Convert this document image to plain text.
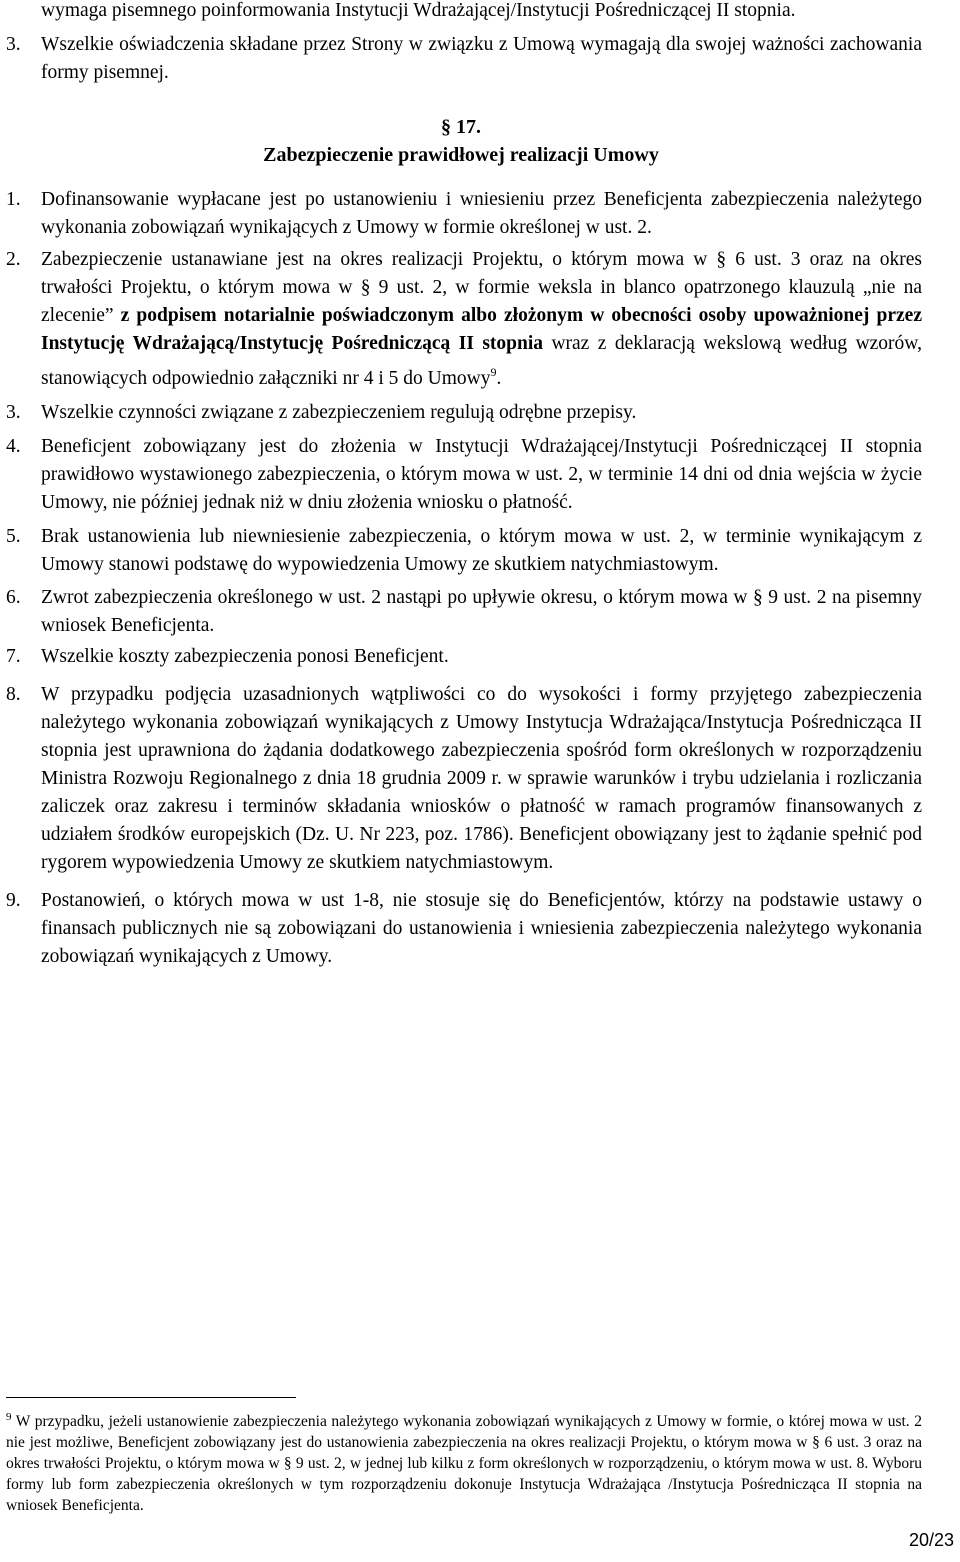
wymaga pisemnego poinformowania Instytucji Wdrażającej/Instytucji Pośredniczącej II stopnia.

3. Wszelkie oświadczenia składane przez Strony w związku z Umową wymagają dla swojej ważności zachowania formy pisemnej.
§ 17.
Zabezpieczenie prawidłowej realizacji Umowy
1. Dofinansowanie wypłacane jest po ustanowieniu i wniesieniu przez Beneficjenta zabezpieczenia należytego wykonania zobowiązań wynikających z Umowy w formie określonej w ust. 2.
2. Zabezpieczenie ustanawiane jest na okres realizacji Projektu, o którym mowa w § 6 ust. 3 oraz na okres trwałości Projektu, o którym mowa w § 9 ust. 2, w formie weksla in blanco opatrzonego klauzulą „nie na zlecenie” z podpisem notarialnie poświadczonym albo złożonym w obecności osoby upoważnionej przez Instytucję Wdrażającą/Instytucję Pośredniczącą II stopnia wraz z deklaracją wekslową według wzorów, stanowiących odpowiednio załączniki nr 4 i 5 do Umowy$^9$.
3. Wszelkie czynności związane z zabezpieczeniem regulują odrębne przepisy.
4. Beneficjent zobowiązany jest do złożenia w Instytucji Wdrażającej/Instytucji Pośredniczącej II stopnia prawidłowo wystawionego zabezpieczenia, o którym mowa w ust. 2, w terminie 14 dni od dnia wejścia w życie Umowy, nie później jednak niż w dniu złożenia wniosku o płatność.
5. Brak ustanowienia lub niewniesienie zabezpieczenia, o którym mowa w ust. 2, w terminie wynikającym z Umowy stanowi podstawę do wypowiedzenia Umowy ze skutkiem natychmiastowym.
6. Zwrot zabezpieczenia określonego w ust. 2 nastąpi po upływie okresu, o którym mowa w § 9 ust. 2 na pisemny wniosek Beneficjenta.
7. Wszelkie koszty zabezpieczenia ponosi Beneficjent.
8. W przypadku podjęcia uzasadnionych wątpliwości co do wysokości i formy przyjętego zabezpieczenia należytego wykonania zobowiązań wynikających z Umowy Instytucja Wdrażająca/Instytucja Pośrednicząca II stopnia jest uprawniona do żądania dodatkowego zabezpieczenia spośród form określonych w rozporządzeniu Ministra Rozwoju Regionalnego z dnia 18 grudnia 2009 r. w sprawie warunków i trybu udzielania i rozliczania zaliczek oraz zakresu i terminów składania wniosków o płatność w ramach programów finansowanych z udziałem środków europejskich (Dz. U. Nr 223, poz. 1786). Beneficjent obowiązany jest to żądanie spełnić pod rygorem wypowiedzenia Umowy ze skutkiem natychmiastowym.
9. Postanowień, o których mowa w ust 1-8, nie stosuje się do Beneficjentów, którzy na podstawie ustawy o finansach publicznych nie są zobowiązani do ustanowienia i wniesienia zabezpieczenia należytego wykonania zobowiązań wynikających z Umowy.
$^9$ W przypadku, jeżeli ustanowienie zabezpieczenia należytego wykonania zobowiązań wynikających z Umowy w formie, o której mowa w ust. 2 nie jest możliwe, Beneficjent zobowiązany jest do ustanowienia zabezpieczenia na okres realizacji Projektu, o którym mowa w § 6 ust. 3 oraz na okres trwałości Projektu, o którym mowa w § 9 ust. 2, w jednej lub kilku z form określonych w rozporządzeniu, o którym mowa w ust. 8. Wyboru formy lub form zabezpieczenia określonych w tym rozporządzeniu dokonuje Instytucja Wdrażająca /Instytucja Pośrednicząca II stopnia na wniosek Beneficjenta.
20/23
